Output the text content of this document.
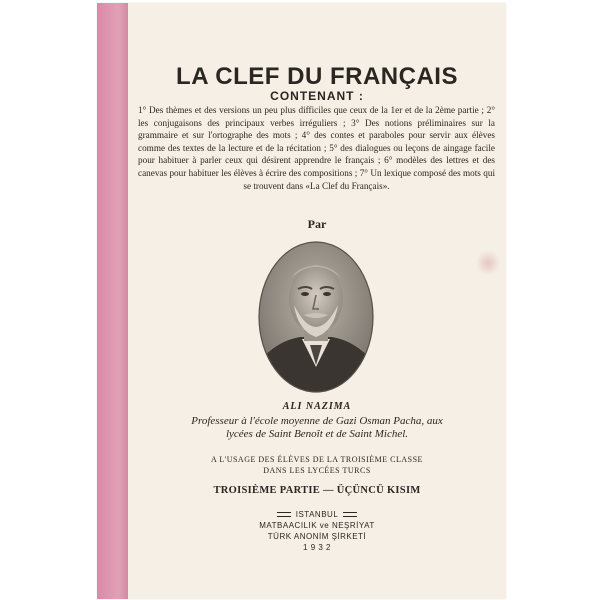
LA CLEF DU FRANÇAIS
CONTENANT :
1° Des thèmes et des versions un peu plus difficiles que ceux de la 1er et de la 2ème partie ; 2° les conjugaisons des principaux verbes irréguliers ; 3° Des notions préliminaires sur la grammaire et sur l'ortographe des mots ; 4° des contes et paraboles pour servir aux élèves comme des textes de la lecture et de la récitation ; 5° des dialogues ou leçons de aingage facile pour habituer à parler ceux qui désirent apprendre le français ; 6° modèles des lettres et des canevas pour habituer les élèves à écrire des compositions ; 7° Un lexique composé des mots qui se trouvent dans «La Clef du Français».
Par
ALI NAZIMA
Professeur à l'école moyenne de Gazi Osman Pacha, aux
lycées de Saint Benoît et de Saint Michel.
A L'USAGE DES ÉLÈVES DE LA TROISIÈME CLASSE
DANS LES LYCÉES TURCS
TROISIÈME PARTIE — ÜÇÜNCÜ KISIM
ISTANBUL
MATBAACILIK ve NEŞRİYAT
TÜRK ANONİM ŞİRKETİ
1 9 3 2
